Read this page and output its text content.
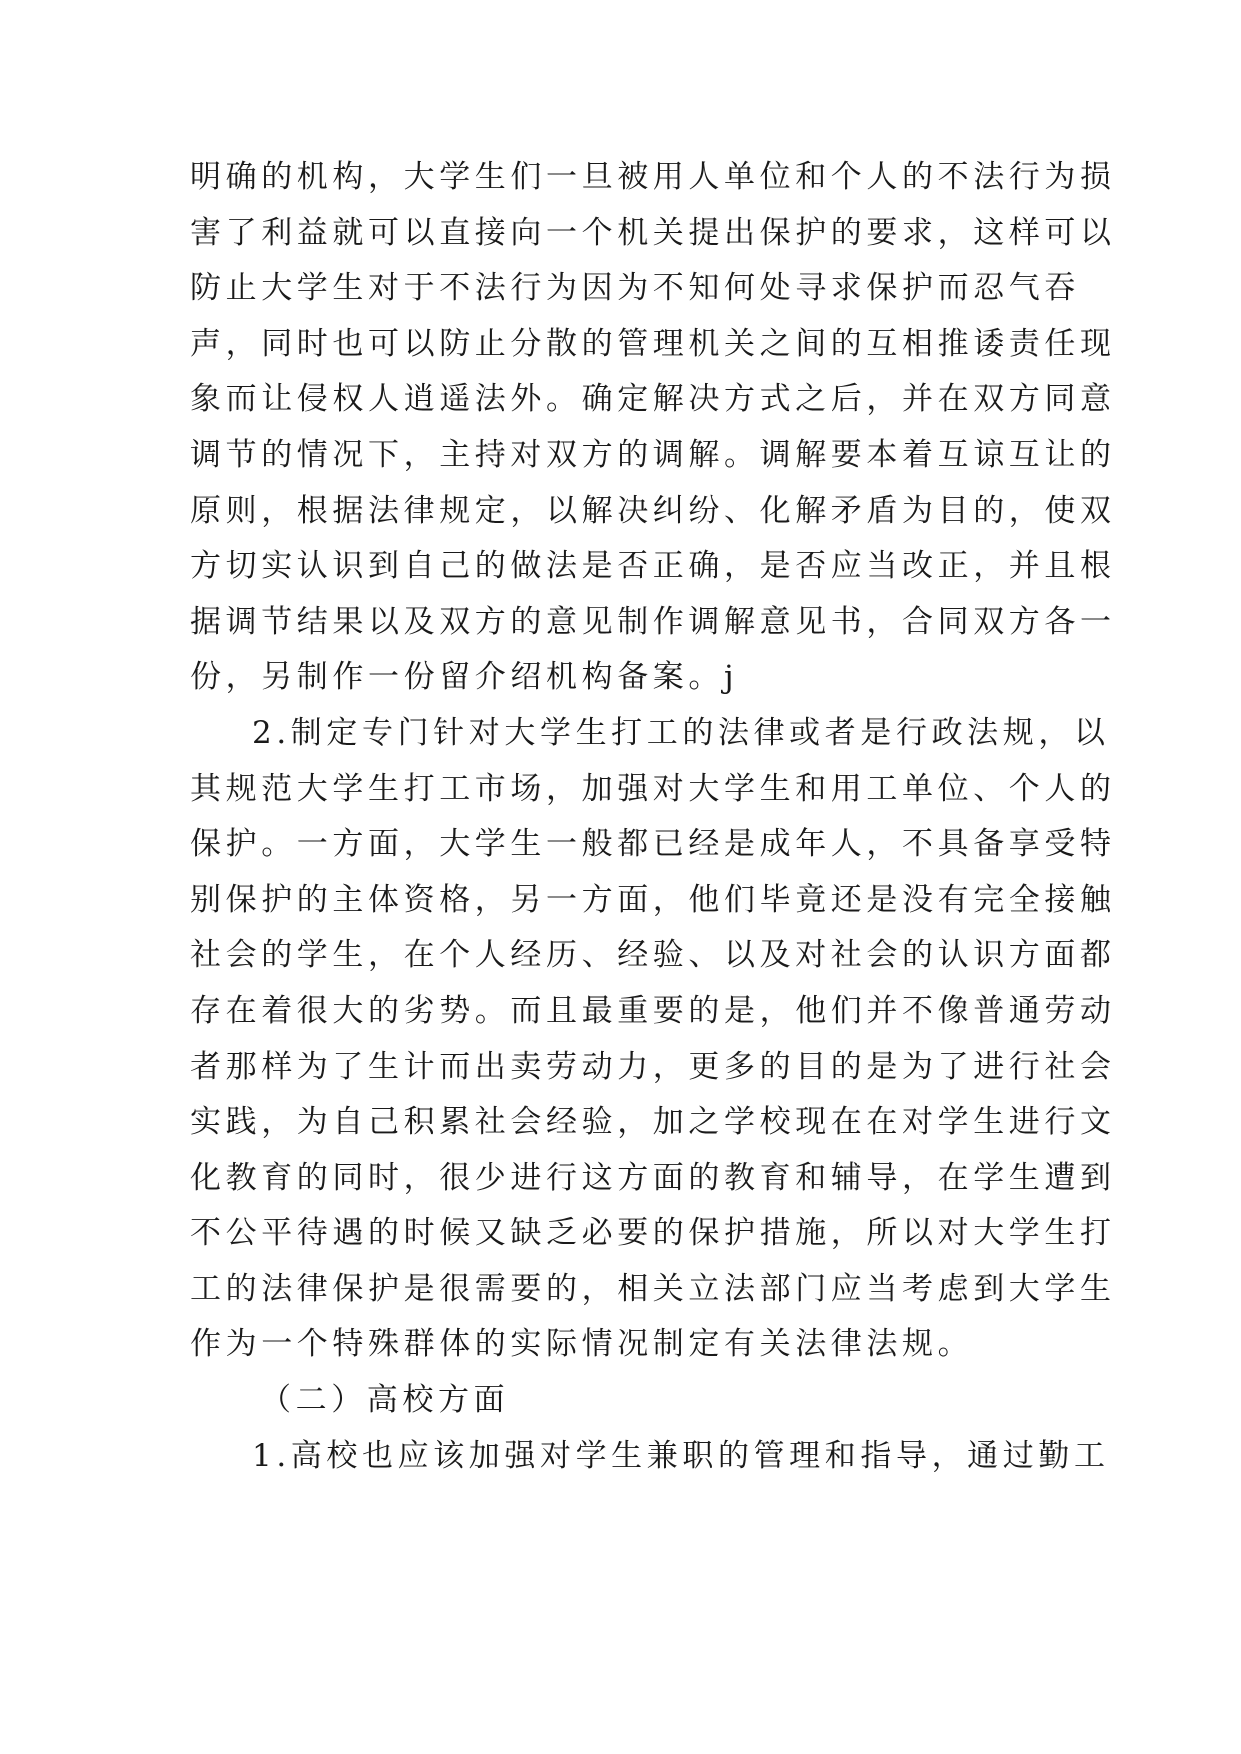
明确的机构，大学生们一旦被用人单位和个人的不法行为损
害了利益就可以直接向一个机关提出保护的要求，这样可以
防止大学生对于不法行为因为不知何处寻求保护而忍气吞
声，同时也可以防止分散的管理机关之间的互相推诿责任现
象而让侵权人逍遥法外。确定解决方式之后，并在双方同意
调节的情况下，主持对双方的调解。调解要本着互谅互让的
原则，根据法律规定，以解决纠纷、化解矛盾为目的，使双
方切实认识到自己的做法是否正确，是否应当改正，并且根
据调节结果以及双方的意见制作调解意见书，合同双方各一
份，另制作一份留介绍机构备案。j
2.制定专门针对大学生打工的法律或者是行政法规，以
其规范大学生打工市场，加强对大学生和用工单位、个人的
保护。一方面，大学生一般都已经是成年人，不具备享受特
别保护的主体资格，另一方面，他们毕竟还是没有完全接触
社会的学生，在个人经历、经验、以及对社会的认识方面都
存在着很大的劣势。而且最重要的是，他们并不像普通劳动
者那样为了生计而出卖劳动力，更多的目的是为了进行社会
实践，为自己积累社会经验，加之学校现在在对学生进行文
化教育的同时，很少进行这方面的教育和辅导，在学生遭到
不公平待遇的时候又缺乏必要的保护措施，所以对大学生打
工的法律保护是很需要的，相关立法部门应当考虑到大学生
作为一个特殊群体的实际情况制定有关法律法规。
（二）高校方面
1.高校也应该加强对学生兼职的管理和指导，通过勤工
